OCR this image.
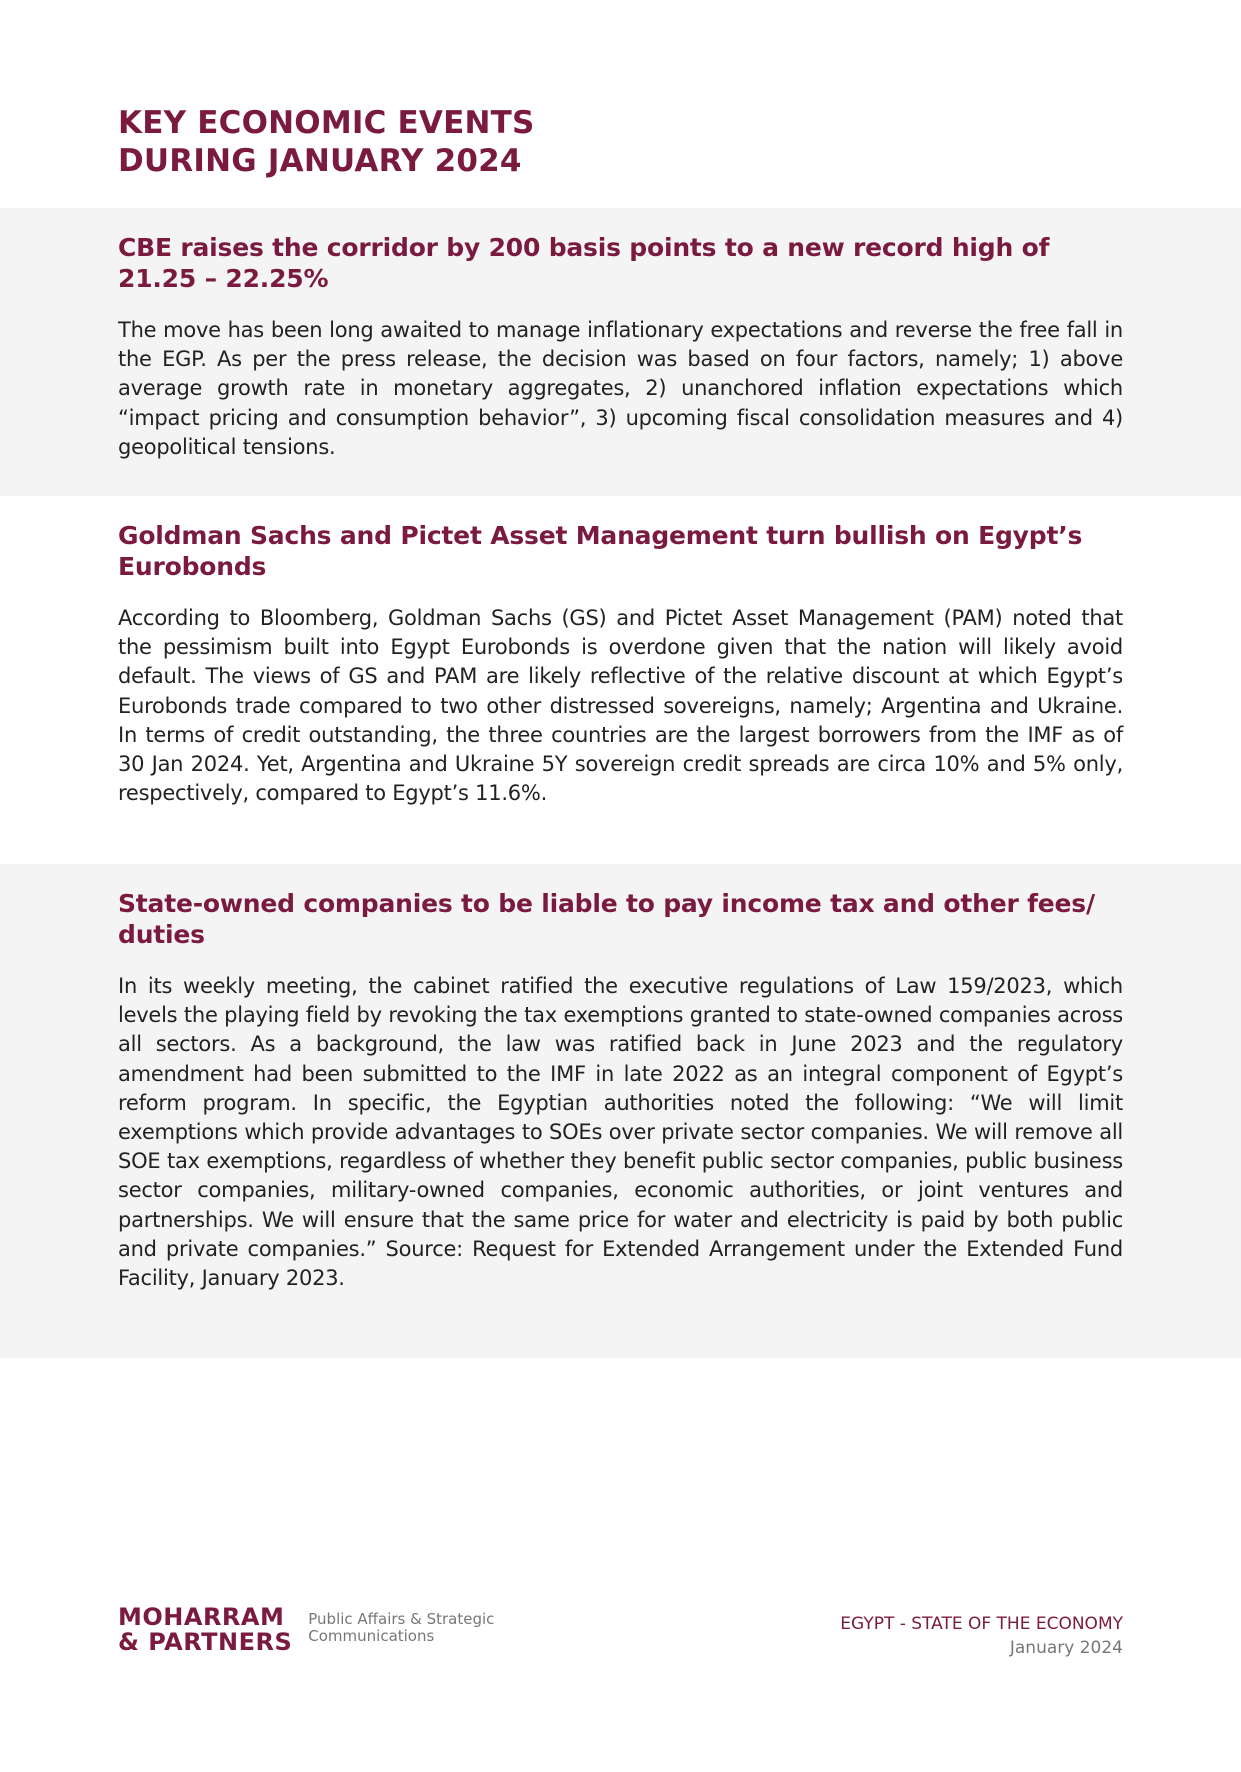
KEY ECONOMIC EVENTS
DURING JANUARY 2024
CBE raises the corridor by 200 basis points to a new record high of 21.25 – 22.25%

The move has been long awaited to manage inflationary expectations and reverse the free fall in the EGP. As per the press release, the decision was based on four factors, namely; 1) above average growth rate in monetary aggregates, 2) unanchored inflation expectations which “impact pricing and consumption behavior”, 3) upcoming fiscal consolidation measures and 4) geopolitical tensions.

Goldman Sachs and Pictet Asset Management turn bullish on Egypt’s Eurobonds

According to Bloomberg, Goldman Sachs (GS) and Pictet Asset Management (PAM) noted that the pessimism built into Egypt Eurobonds is overdone given that the nation will likely avoid default. The views of GS and PAM are likely reflective of the relative discount at which Egypt’s Eurobonds trade compared to two other distressed sovereigns, namely; Argentina and Ukraine. In terms of credit outstanding, the three countries are the largest borrowers from the IMF as of 30 Jan 2024. Yet, Argentina and Ukraine 5Y sovereign credit spreads are circa 10% and 5% only, respectively, compared to Egypt’s 11.6%.

State-owned companies to be liable to pay income tax and other fees/ duties

In its weekly meeting, the cabinet ratified the executive regulations of Law 159/2023, which levels the playing field by revoking the tax exemptions granted to state-owned companies across all sectors. As a background, the law was ratified back in June 2023 and the regulatory amendment had been submitted to the IMF in late 2022 as an integral component of Egypt’s reform program. In specific, the Egyptian authorities noted the following: “We will limit exemptions which provide advantages to SOEs over private sector companies. We will remove all SOE tax exemptions, regardless of whether they benefit public sector companies, public business sector companies, military-owned companies, economic authorities, or joint ventures and partnerships. We will ensure that the same price for water and electricity is paid by both public and private companies.” Source: Request for Extended Arrangement under the Extended Fund Facility, January 2023.

MOHARRAM
& PARTNERS
Public Affairs & Strategic
Communications
EGYPT - STATE OF THE ECONOMY
January 2024
